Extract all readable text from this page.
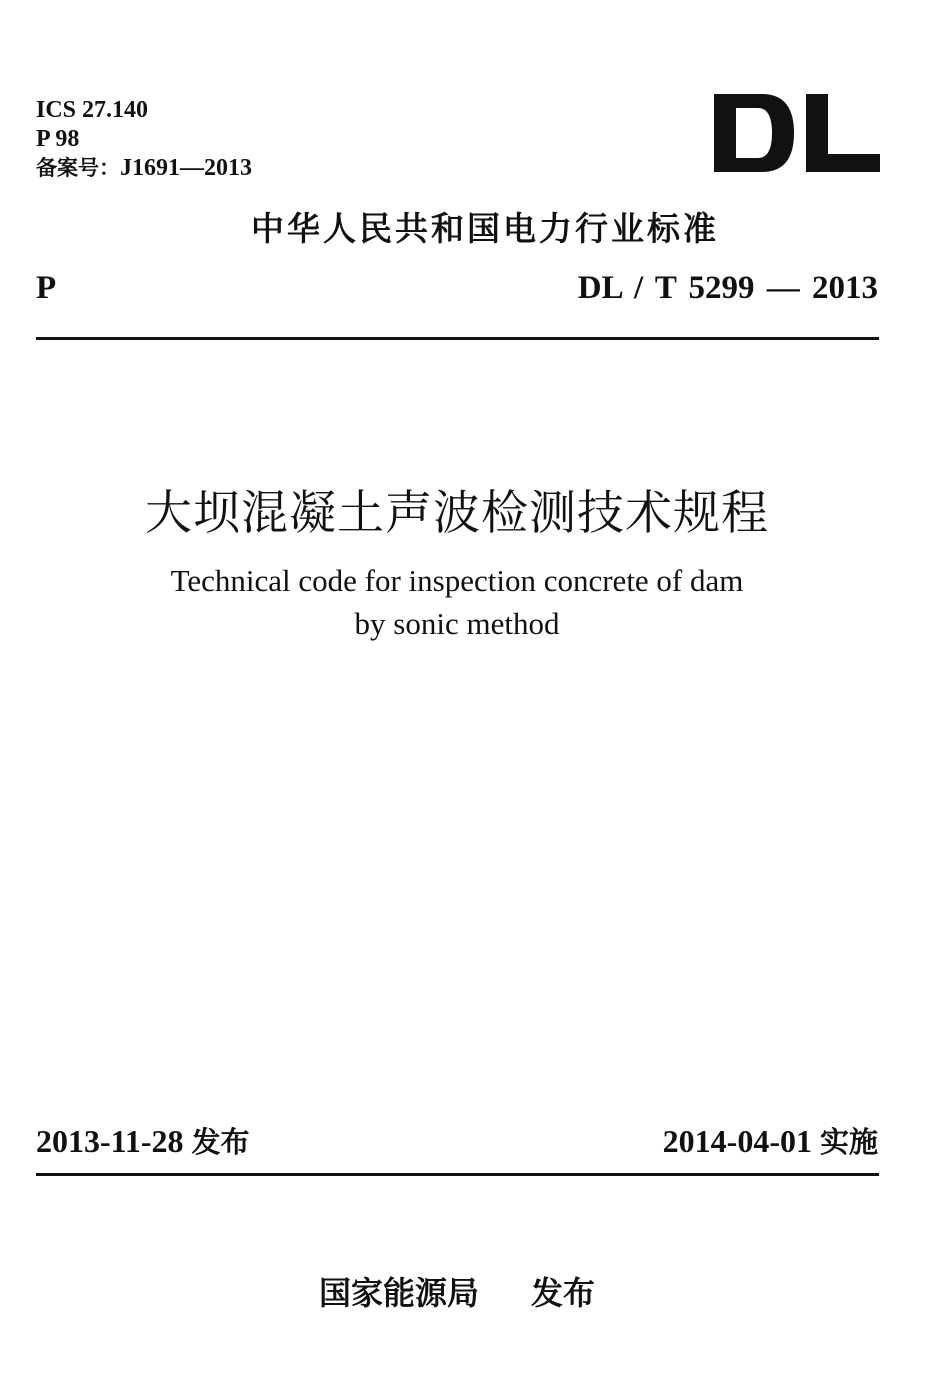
ICS 27.140
P 98
备案号：J1691—2013
中华人民共和国电力行业标准
P	DL / T 5299 — 2013
大坝混凝土声波检测技术规程
Technical code for inspection concrete of dam
by sonic method
2013-11-28 发布	2014-04-01 实施
国家能源局 发布
